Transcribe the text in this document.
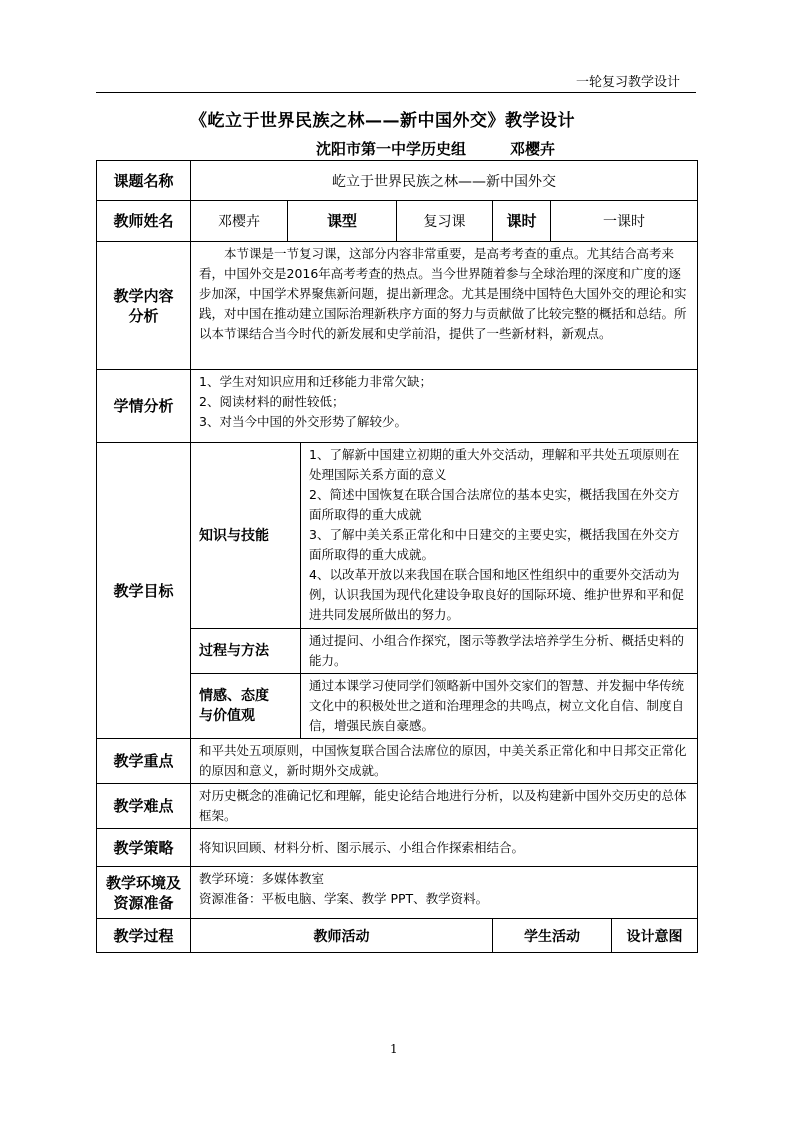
一轮复习教学设计
《屹立于世界民族之林——新中国外交》教学设计
沈阳市第一中学历史组	邓樱卉
课题名称	屹立于世界民族之林——新中国外交						
教师姓名	邓樱卉	课型		复习课	课时	一课时	

教学内容
分析	本节课是一节复习课，这部分内容非常重要，是高考考查的重点。尤其结合高考来看，中国外交是2016年高考考查的热点。当今世界随着参与全球治理的深度和广度的逐步加深，中国学术界聚焦新问题，提出新理念。尤其是围绕中国特色大国外交的理论和实践，对中国在推动建立国际治理新秩序方面的努力与贡献做了比较完整的概括和总结。所以本节课结合当今时代的新发展和史学前沿，提供了一些新材料，新观点。						
学情分析	1、学生对知识应用和迁移能力非常欠缺；
2、阅读材料的耐性较低；
3、对当今中国的外交形势了解较少。						

教学目标	知识与技能		1、了解新中国建立初期的重大外交活动，理解和平共处五项原则在处理国际关系方面的意义
2、简述中国恢复在联合国合法席位的基本史实，概括我国在外交方面所取得的重大成就
3、了解中美关系正常化和中日建交的主要史实，概括我国在外交方面所取得的重大成就。
4、以改革开放以来我国在联合国和地区性组织中的重要外交活动为例，认识我国为现代化建设争取良好的国际环境、维护世界和平和促进共同发展所做出的努力。				

	过程与方法		通过提问、小组合作探究，图示等教学法培养学生分析、概括史料的能力。				

	情感、态度
与价值观		通过本课学习使同学们领略新中国外交家们的智慧、并发掘中华传统文化中的积极处世之道和治理理念的共鸣点，树立文化自信、制度自信，增强民族自豪感。				
教学重点	和平共处五项原则，中国恢复联合国合法席位的原因，中美关系正常化和中日邦交正常化的原因和意义，新时期外交成就。						
教学难点	对历史概念的准确记忆和理解，能史论结合地进行分析，以及构建新中国外交历史的总体框架。						
教学策略	将知识回顾、材料分析、图示展示、小组合作探索相结合。						

教学环境及
资源准备	教学环境：多媒体教室
资源准备：平板电脑、学案、教学 PPT、教学资料。						

教学过程	教师活动				学生活动		设计意图
1
